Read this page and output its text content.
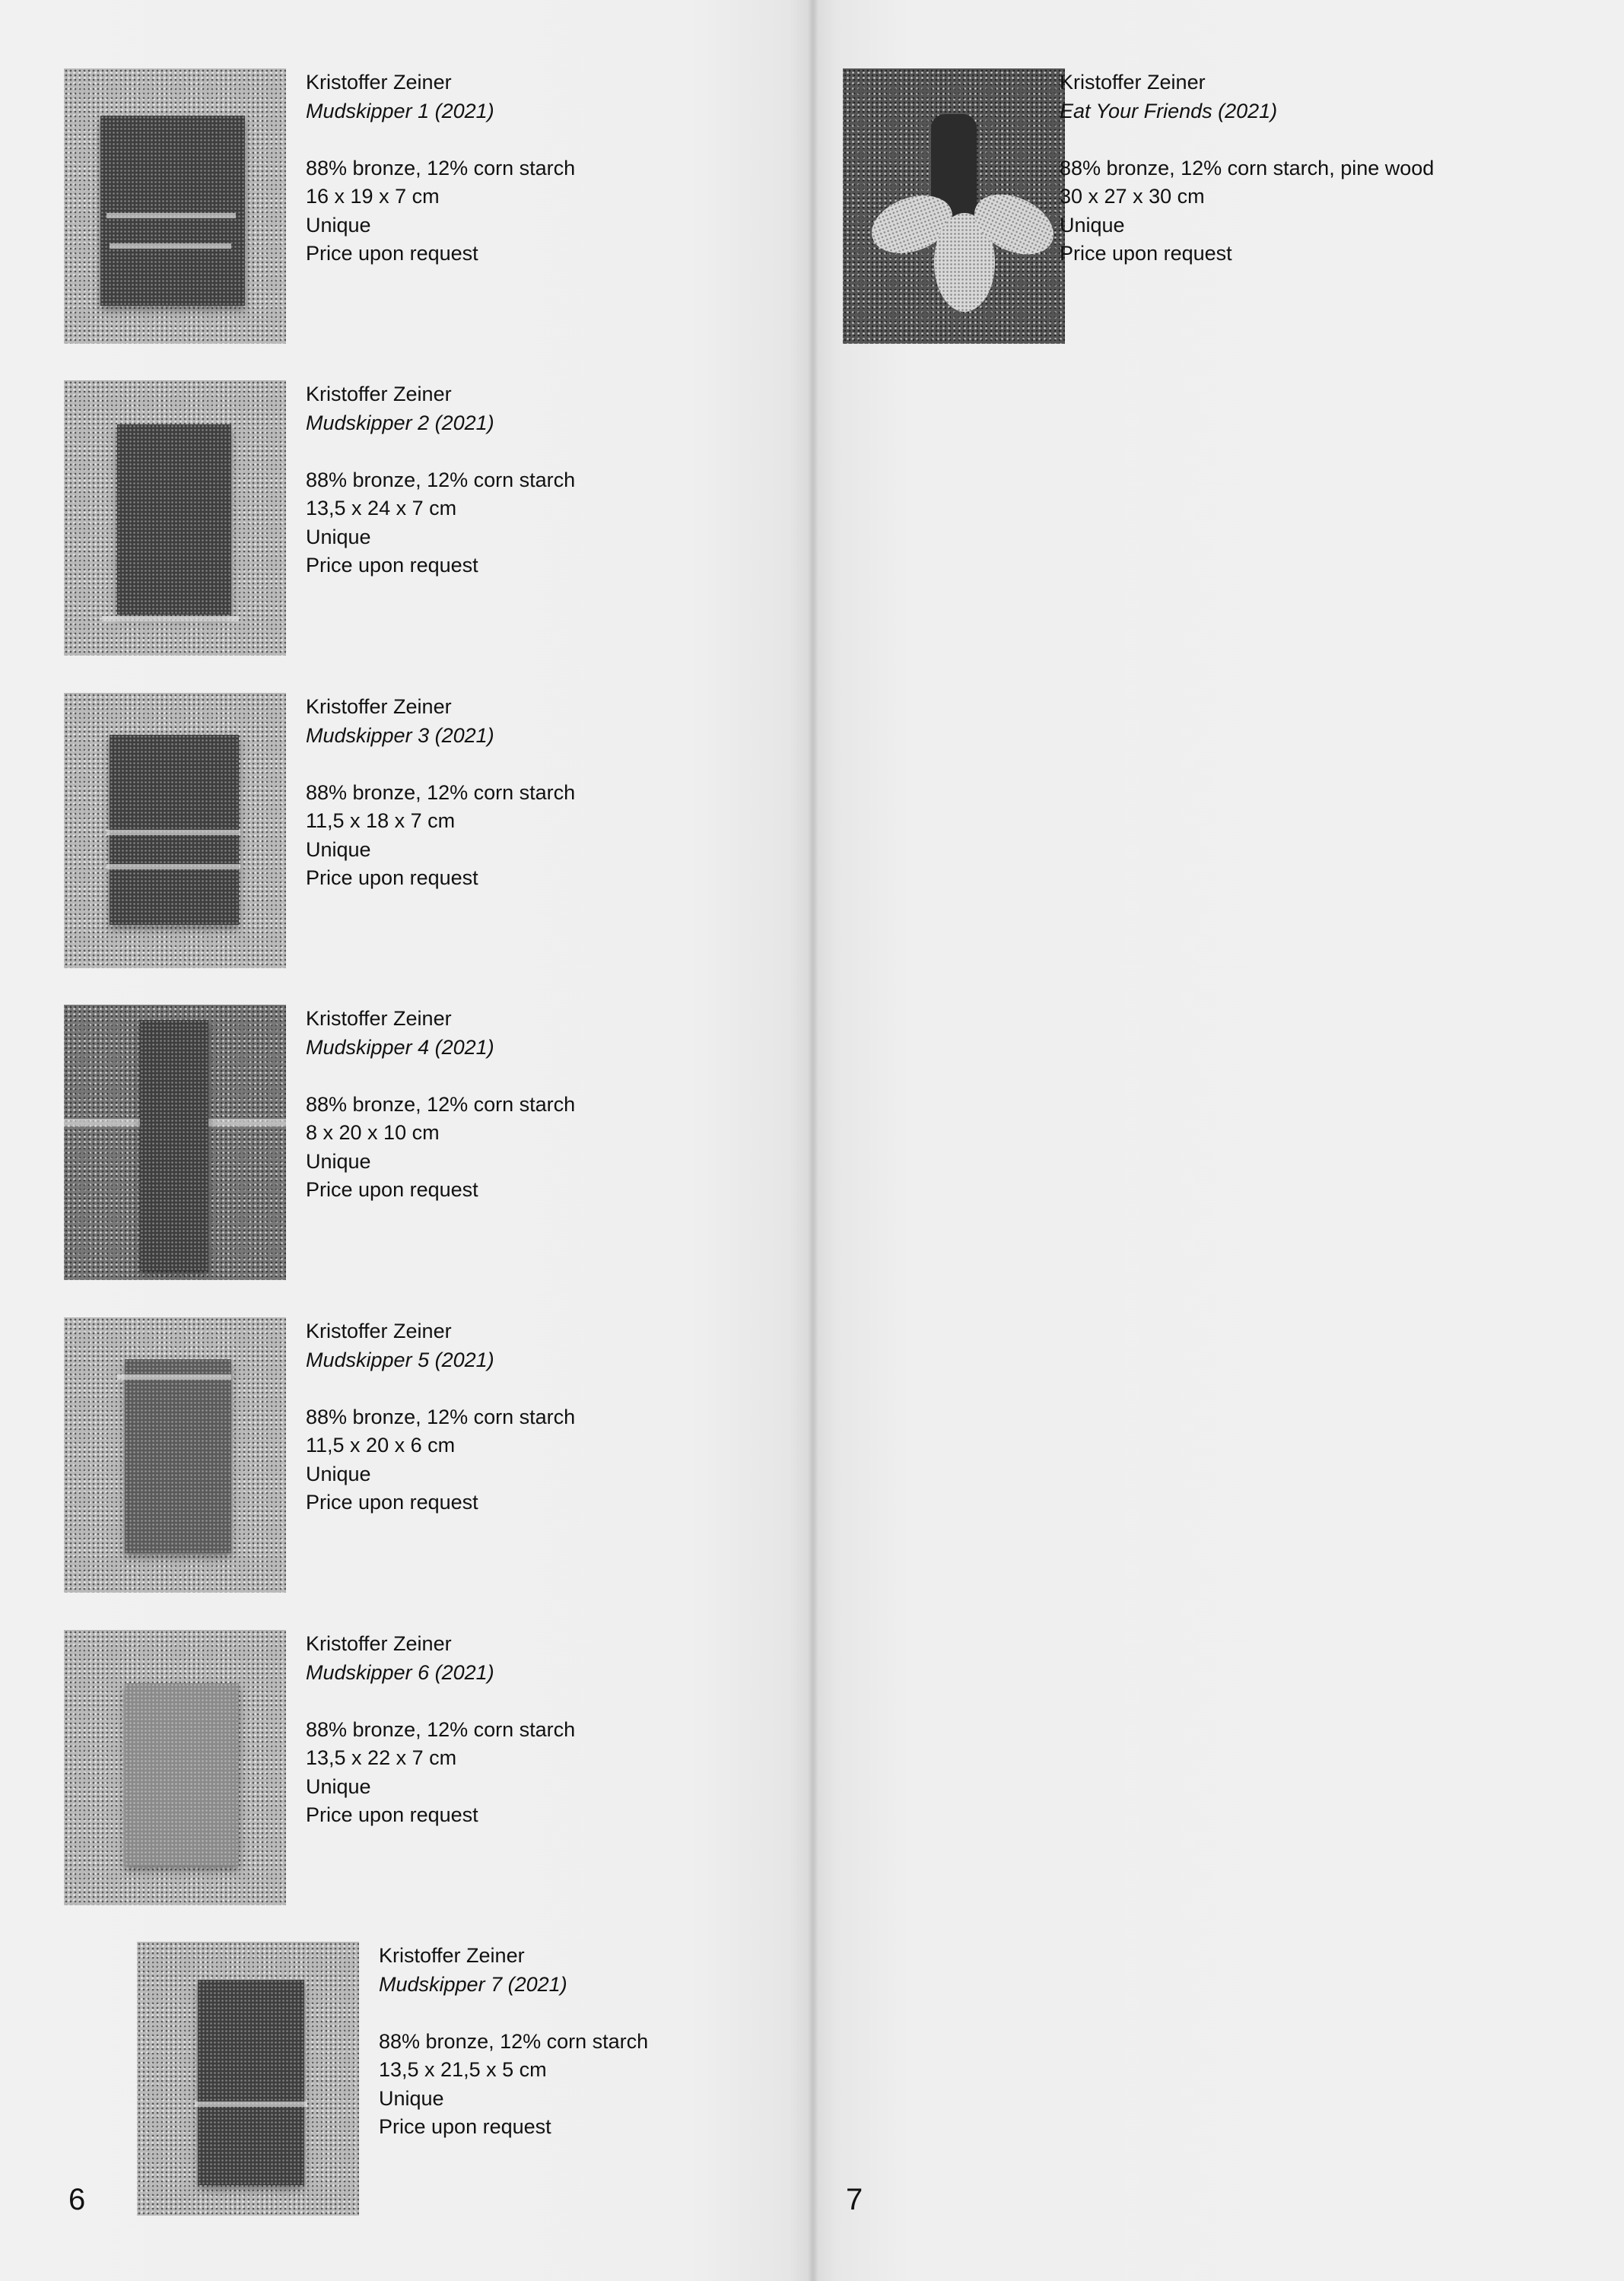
Kristoffer Zeiner
Mudskipper 1 (2021)
88% bronze, 12% corn starch
16 x 19 x 7 cm
Unique
Price upon request
Kristoffer Zeiner
Mudskipper 2 (2021)
88% bronze, 12% corn starch
13,5 x 24 x 7 cm
Unique
Price upon request
Kristoffer Zeiner
Mudskipper 3 (2021)
88% bronze, 12% corn starch
11,5 x 18 x 7 cm
Unique
Price upon request
Kristoffer Zeiner
Mudskipper 4 (2021)
88% bronze, 12% corn starch
8 x 20 x 10 cm
Unique
Price upon request
Kristoffer Zeiner
Mudskipper 5 (2021)
88% bronze, 12% corn starch
11,5 x 20 x 6 cm
Unique
Price upon request
Kristoffer Zeiner
Mudskipper 6 (2021)
88% bronze, 12% corn starch
13,5 x 22 x 7 cm
Unique
Price upon request
Kristoffer Zeiner
Mudskipper 7 (2021)
88% bronze, 12% corn starch
13,5 x 21,5 x 5 cm
Unique
Price upon request
6
Kristoffer Zeiner
Eat Your Friends (2021)
88% bronze, 12% corn starch, pine wood
30 x 27 x 30 cm
Unique
Price upon request
7
